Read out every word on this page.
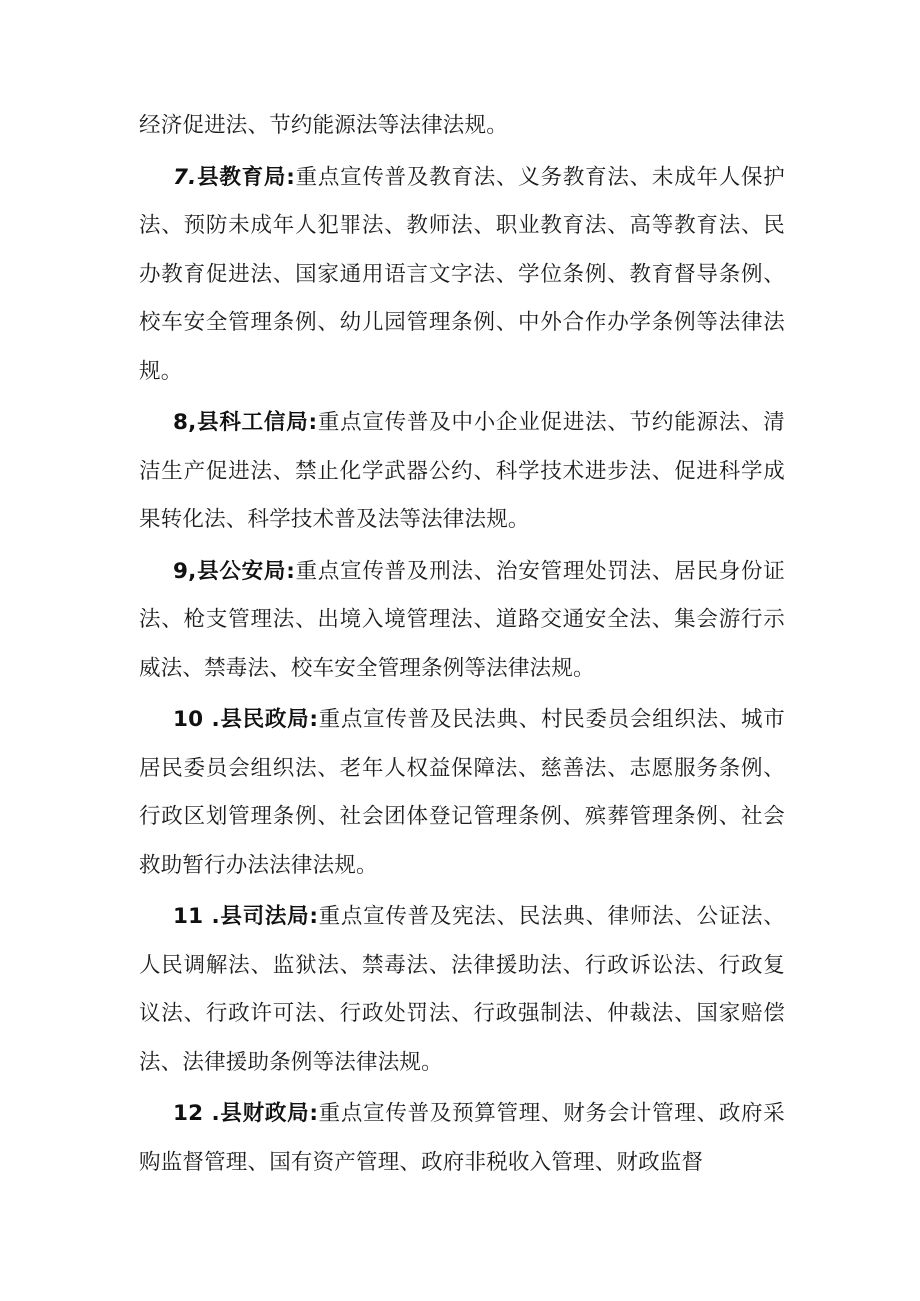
经济促进法、节约能源法等法律法规。

7.县教育局:重点宣传普及教育法、义务教育法、未成年人保护法、预防未成年人犯罪法、教师法、职业教育法、高等教育法、民办教育促进法、国家通用语言文字法、学位条例、教育督导条例、校车安全管理条例、幼儿园管理条例、中外合作办学条例等法律法规。

8,县科工信局:重点宣传普及中小企业促进法、节约能源法、清洁生产促进法、禁止化学武器公约、科学技术进步法、促进科学成果转化法、科学技术普及法等法律法规。

9,县公安局:重点宣传普及刑法、治安管理处罚法、居民身份证法、枪支管理法、出境入境管理法、道路交通安全法、集会游行示威法、禁毒法、校车安全管理条例等法律法规。

10 .县民政局:重点宣传普及民法典、村民委员会组织法、城市居民委员会组织法、老年人权益保障法、慈善法、志愿服务条例、行政区划管理条例、社会团体登记管理条例、殡葬管理条例、社会救助暂行办法法律法规。

11 .县司法局:重点宣传普及宪法、民法典、律师法、公证法、人民调解法、监狱法、禁毒法、法律援助法、行政诉讼法、行政复议法、行政许可法、行政处罚法、行政强制法、仲裁法、国家赔偿法、法律援助条例等法律法规。

12 .县财政局:重点宣传普及预算管理、财务会计管理、政府采购监督管理、国有资产管理、政府非税收入管理、财政监督
